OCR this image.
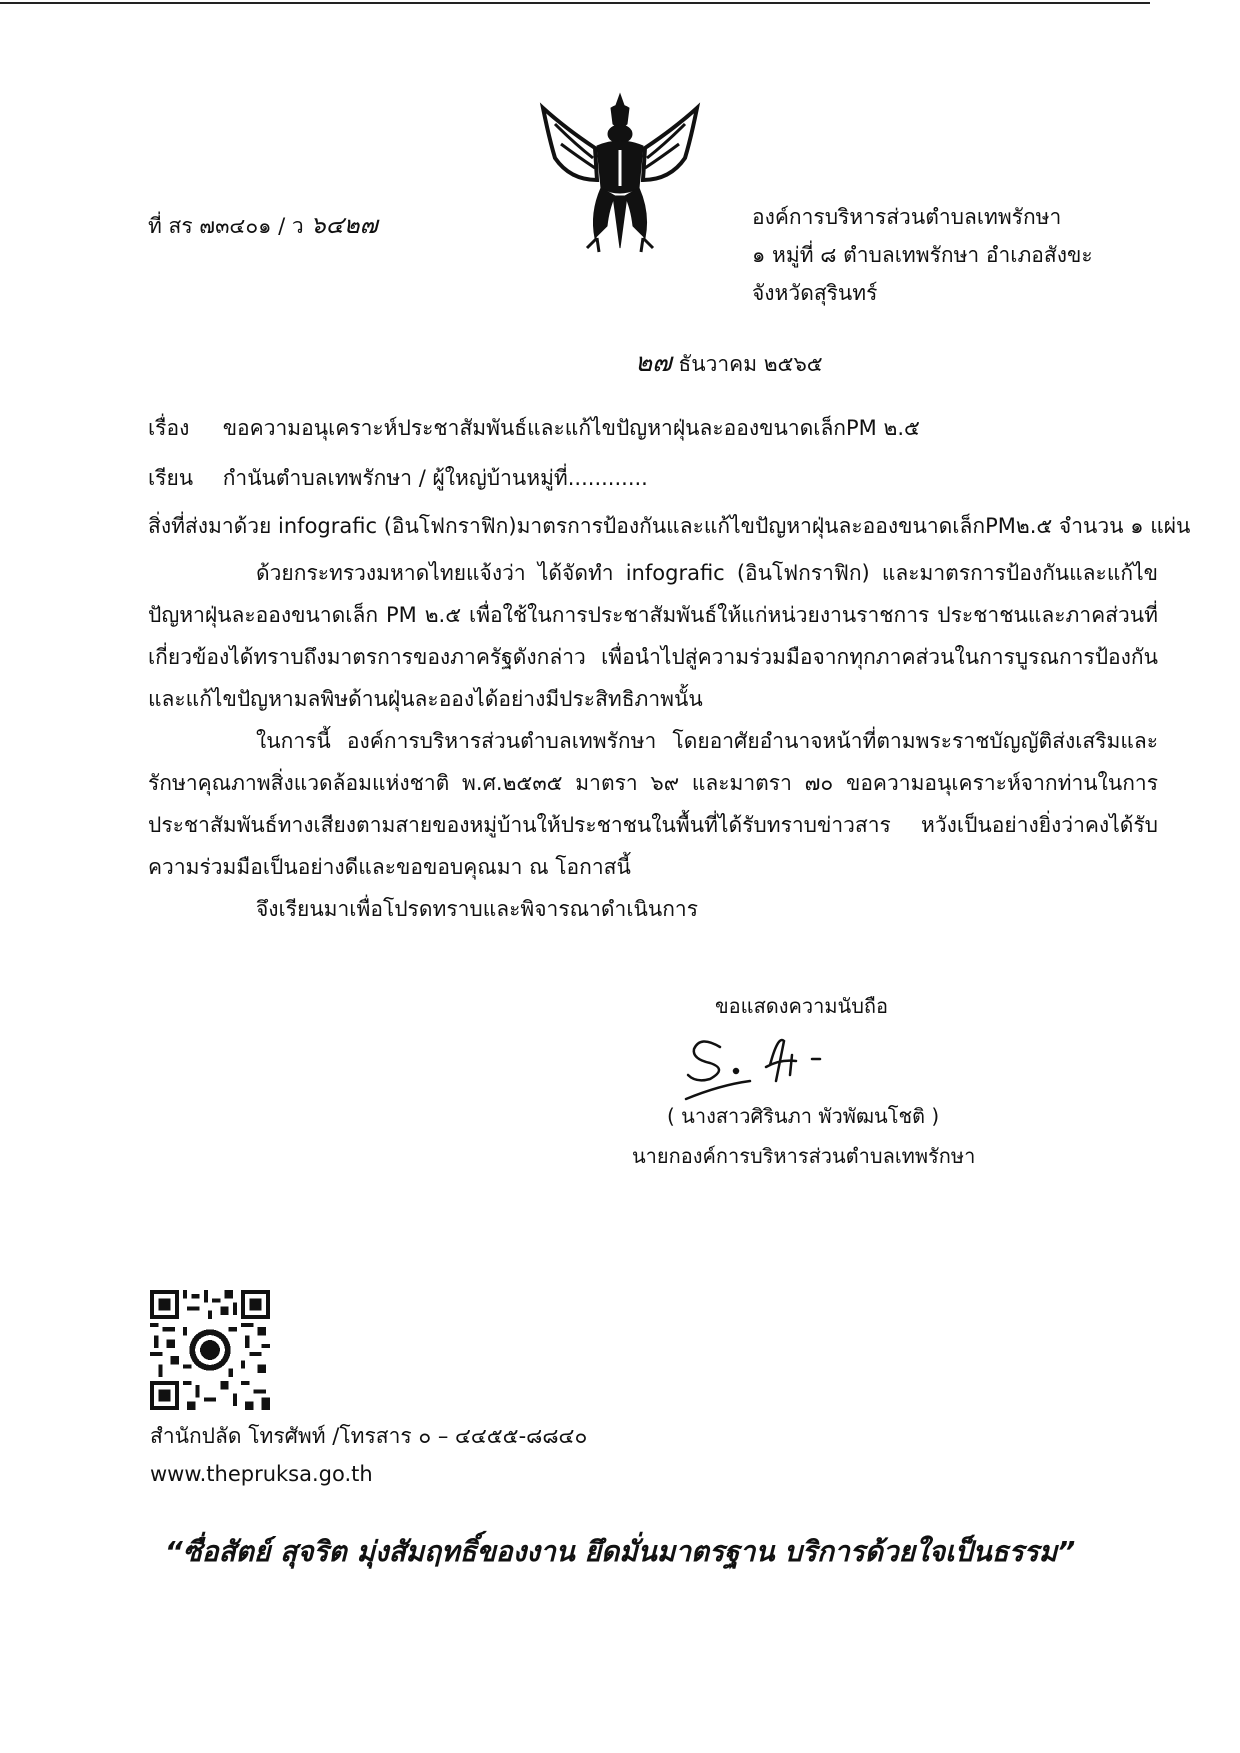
ที่ สร ๗๓๔๐๑ / ว ๖๔๒๗	องค์การบริหารส่วนตำบลเทพรักษา
๑ หมู่ที่ ๘ ตำบลเทพรักษา อำเภอสังขะ
จังหวัดสุรินทร์
๒๗ ธันวาคม ๒๕๖๕
เรื่อง ขอความอนุเคราะห์ประชาสัมพันธ์และแก้ไขปัญหาฝุ่นละอองขนาดเล็กPM ๒.๕
เรียน กำนันตำบลเทพรักษา / ผู้ใหญ่บ้านหมู่ที่............
สิ่งที่ส่งมาด้วย infografic (อินโฟกราฟิก)มาตรการป้องกันและแก้ไขปัญหาฝุ่นละอองขนาดเล็กPM๒.๕ จำนวน ๑ แผ่น

ด้วยกระทรวงมหาดไทยแจ้งว่า ได้จัดทำ infografic (อินโฟกราฟิก) และมาตรการป้องกันและแก้ไขปัญหาฝุ่นละอองขนาดเล็ก PM ๒.๕ เพื่อใช้ในการประชาสัมพันธ์ให้แก่หน่วยงานราชการ ประชาชนและภาคส่วนที่เกี่ยวข้องได้ทราบถึงมาตรการของภาครัฐดังกล่าว เพื่อนำไปสู่ความร่วมมือจากทุกภาคส่วนในการบูรณการป้องกันและแก้ไขปัญหามลพิษด้านฝุ่นละอองได้อย่างมีประสิทธิภาพนั้น

ในการนี้ องค์การบริหารส่วนตำบลเทพรักษา โดยอาศัยอำนาจหน้าที่ตามพระราชบัญญัติส่งเสริมและรักษาคุณภาพสิ่งแวดล้อมแห่งชาติ พ.ศ.๒๕๓๕ มาตรา ๖๙ และมาตรา ๗๐ ขอความอนุเคราะห์จากท่านในการประชาสัมพันธ์ทางเสียงตามสายของหมู่บ้านให้ประชาชนในพื้นที่ได้รับทราบข่าวสาร หวังเป็นอย่างยิ่งว่าคงได้รับความร่วมมือเป็นอย่างดีและขอขอบคุณมา ณ โอกาสนี้

จึงเรียนมาเพื่อโปรดทราบและพิจารณาดำเนินการ

ขอแสดงความนับถือ
( นางสาวศิรินภา พัวพัฒนโชติ )
นายกองค์การบริหารส่วนตำบลเทพรักษา
สำนักปลัด โทรศัพท์ /โทรสาร ๐ – ๔๔๕๕-๘๘๔๐
www.thepruksa.go.th
“ซื่อสัตย์ สุจริต มุ่งสัมฤทธิ์ของงาน ยึดมั่นมาตรฐาน บริการด้วยใจเป็นธรรม”
